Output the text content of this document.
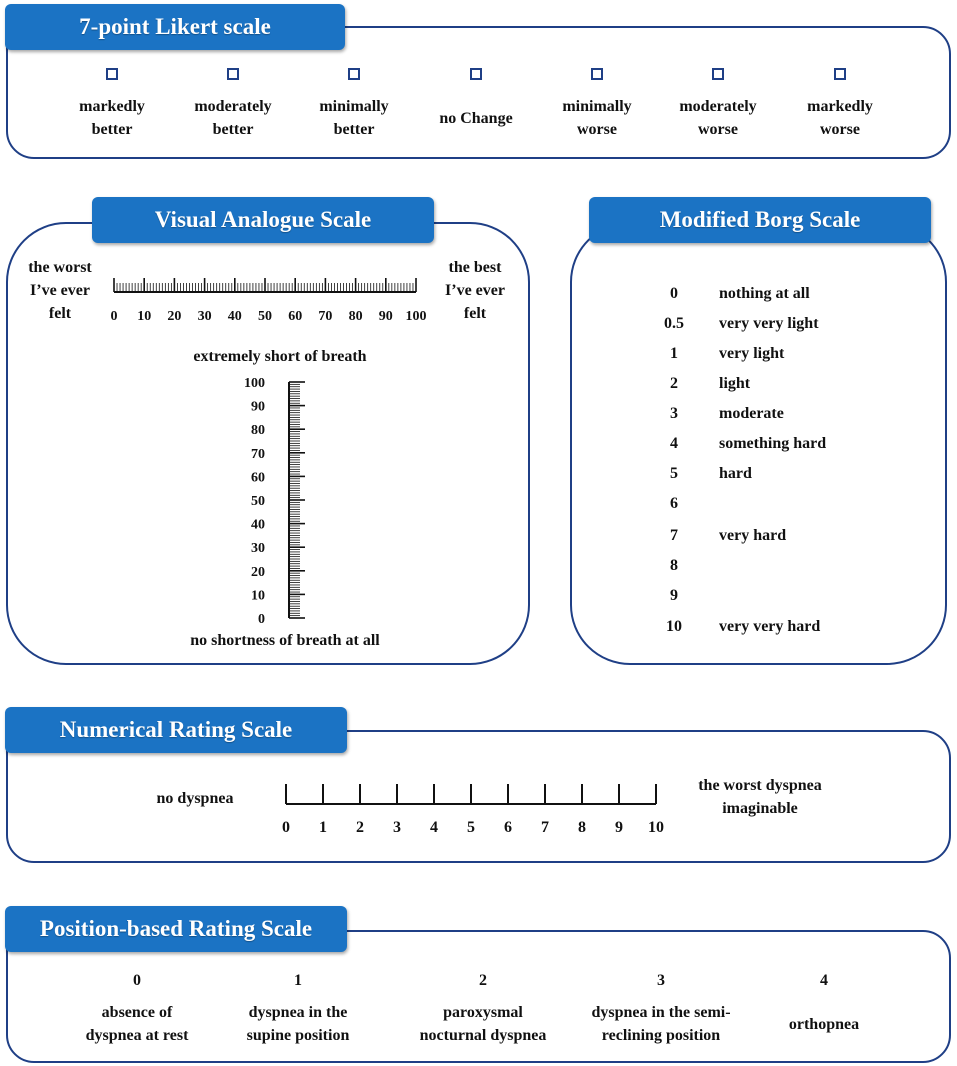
7-point Likert scale
markedly
better
moderately
better
minimally
better
no Change
minimally
worse
moderately
worse
markedly
worse
Visual Analogue Scale
the worst
I’ve ever
felt
the best
I’ve ever
felt
0 10 20 30 40 50 60 70 80 90 100
extremely short of breath
100
90
80
70
60
50
40
30
20
10
0
no shortness of breath at all
Modified Borg Scale
0	nothing at all
0.5	very very light
1	very light
2	light
3	moderate
4	something hard
5	hard
6
7	very hard
8
9
10	very very hard
Numerical Rating Scale
no dyspnea
the worst dyspnea
imaginable
0 1 2 3 4 5 6 7 8 9 10
Position-based Rating Scale
0
absence of
dyspnea at rest
1
dyspnea in the
supine position
2
paroxysmal
nocturnal dyspnea
3
dyspnea in the semi-
reclining position
4
orthopnea
